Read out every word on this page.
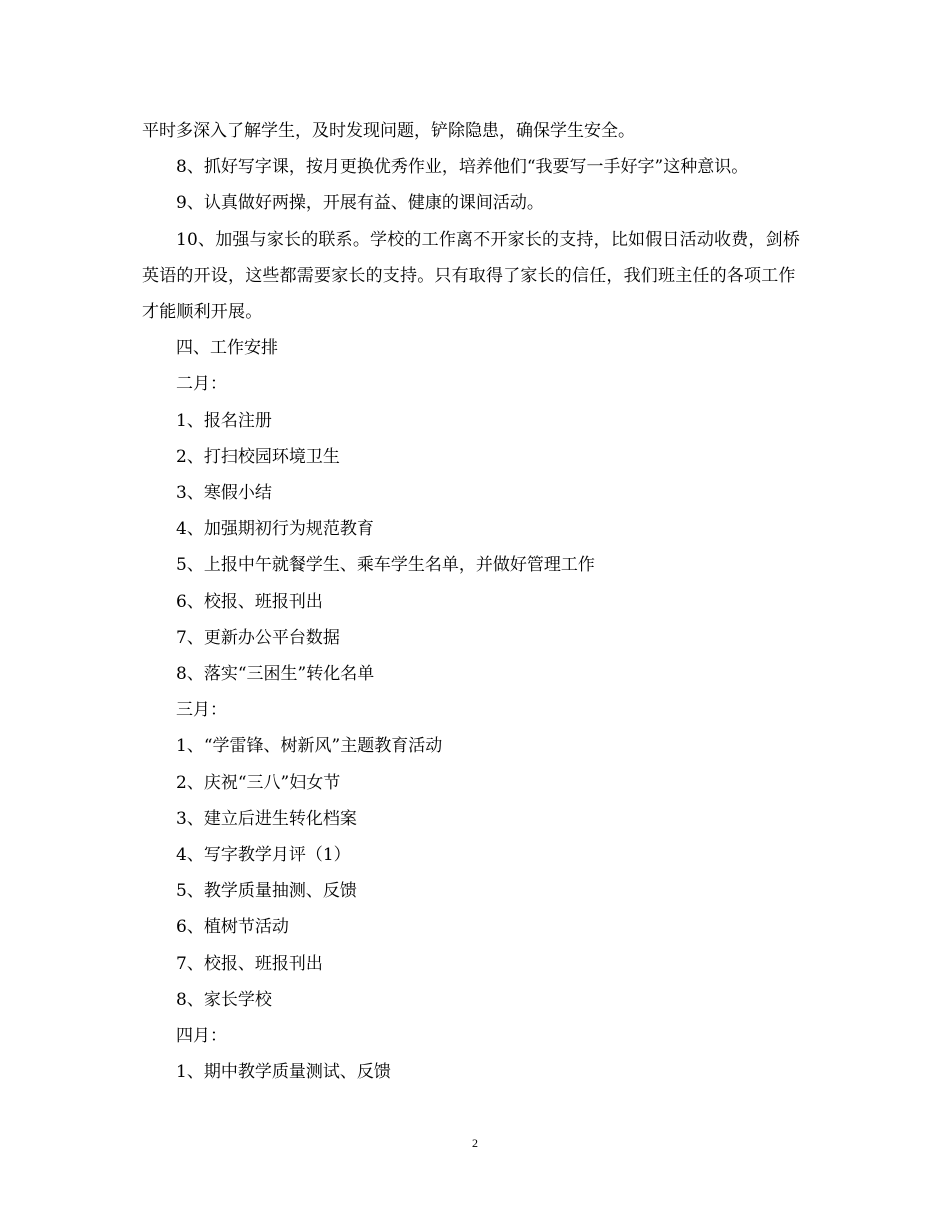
平时多深入了解学生，及时发现问题，铲除隐患，确保学生安全。

8、抓好写字课，按月更换优秀作业，培养他们“我要写一手好字”这种意识。

9、认真做好两操，开展有益、健康的课间活动。

10、加强与家长的联系。学校的工作离不开家长的支持，比如假日活动收费，剑桥英语的开设，这些都需要家长的支持。只有取得了家长的信任，我们班主任的各项工作才能顺利开展。

四、工作安排

二月：

1、报名注册

2、打扫校园环境卫生

3、寒假小结

4、加强期初行为规范教育

5、上报中午就餐学生、乘车学生名单，并做好管理工作

6、校报、班报刊出

7、更新办公平台数据

8、落实“三困生”转化名单

三月：

1、“学雷锋、树新风”主题教育活动

2、庆祝“三八”妇女节

3、建立后进生转化档案

4、写字教学月评（1）

5、教学质量抽测、反馈

6、植树节活动

7、校报、班报刊出

8、家长学校

四月：

1、期中教学质量测试、反馈

2
